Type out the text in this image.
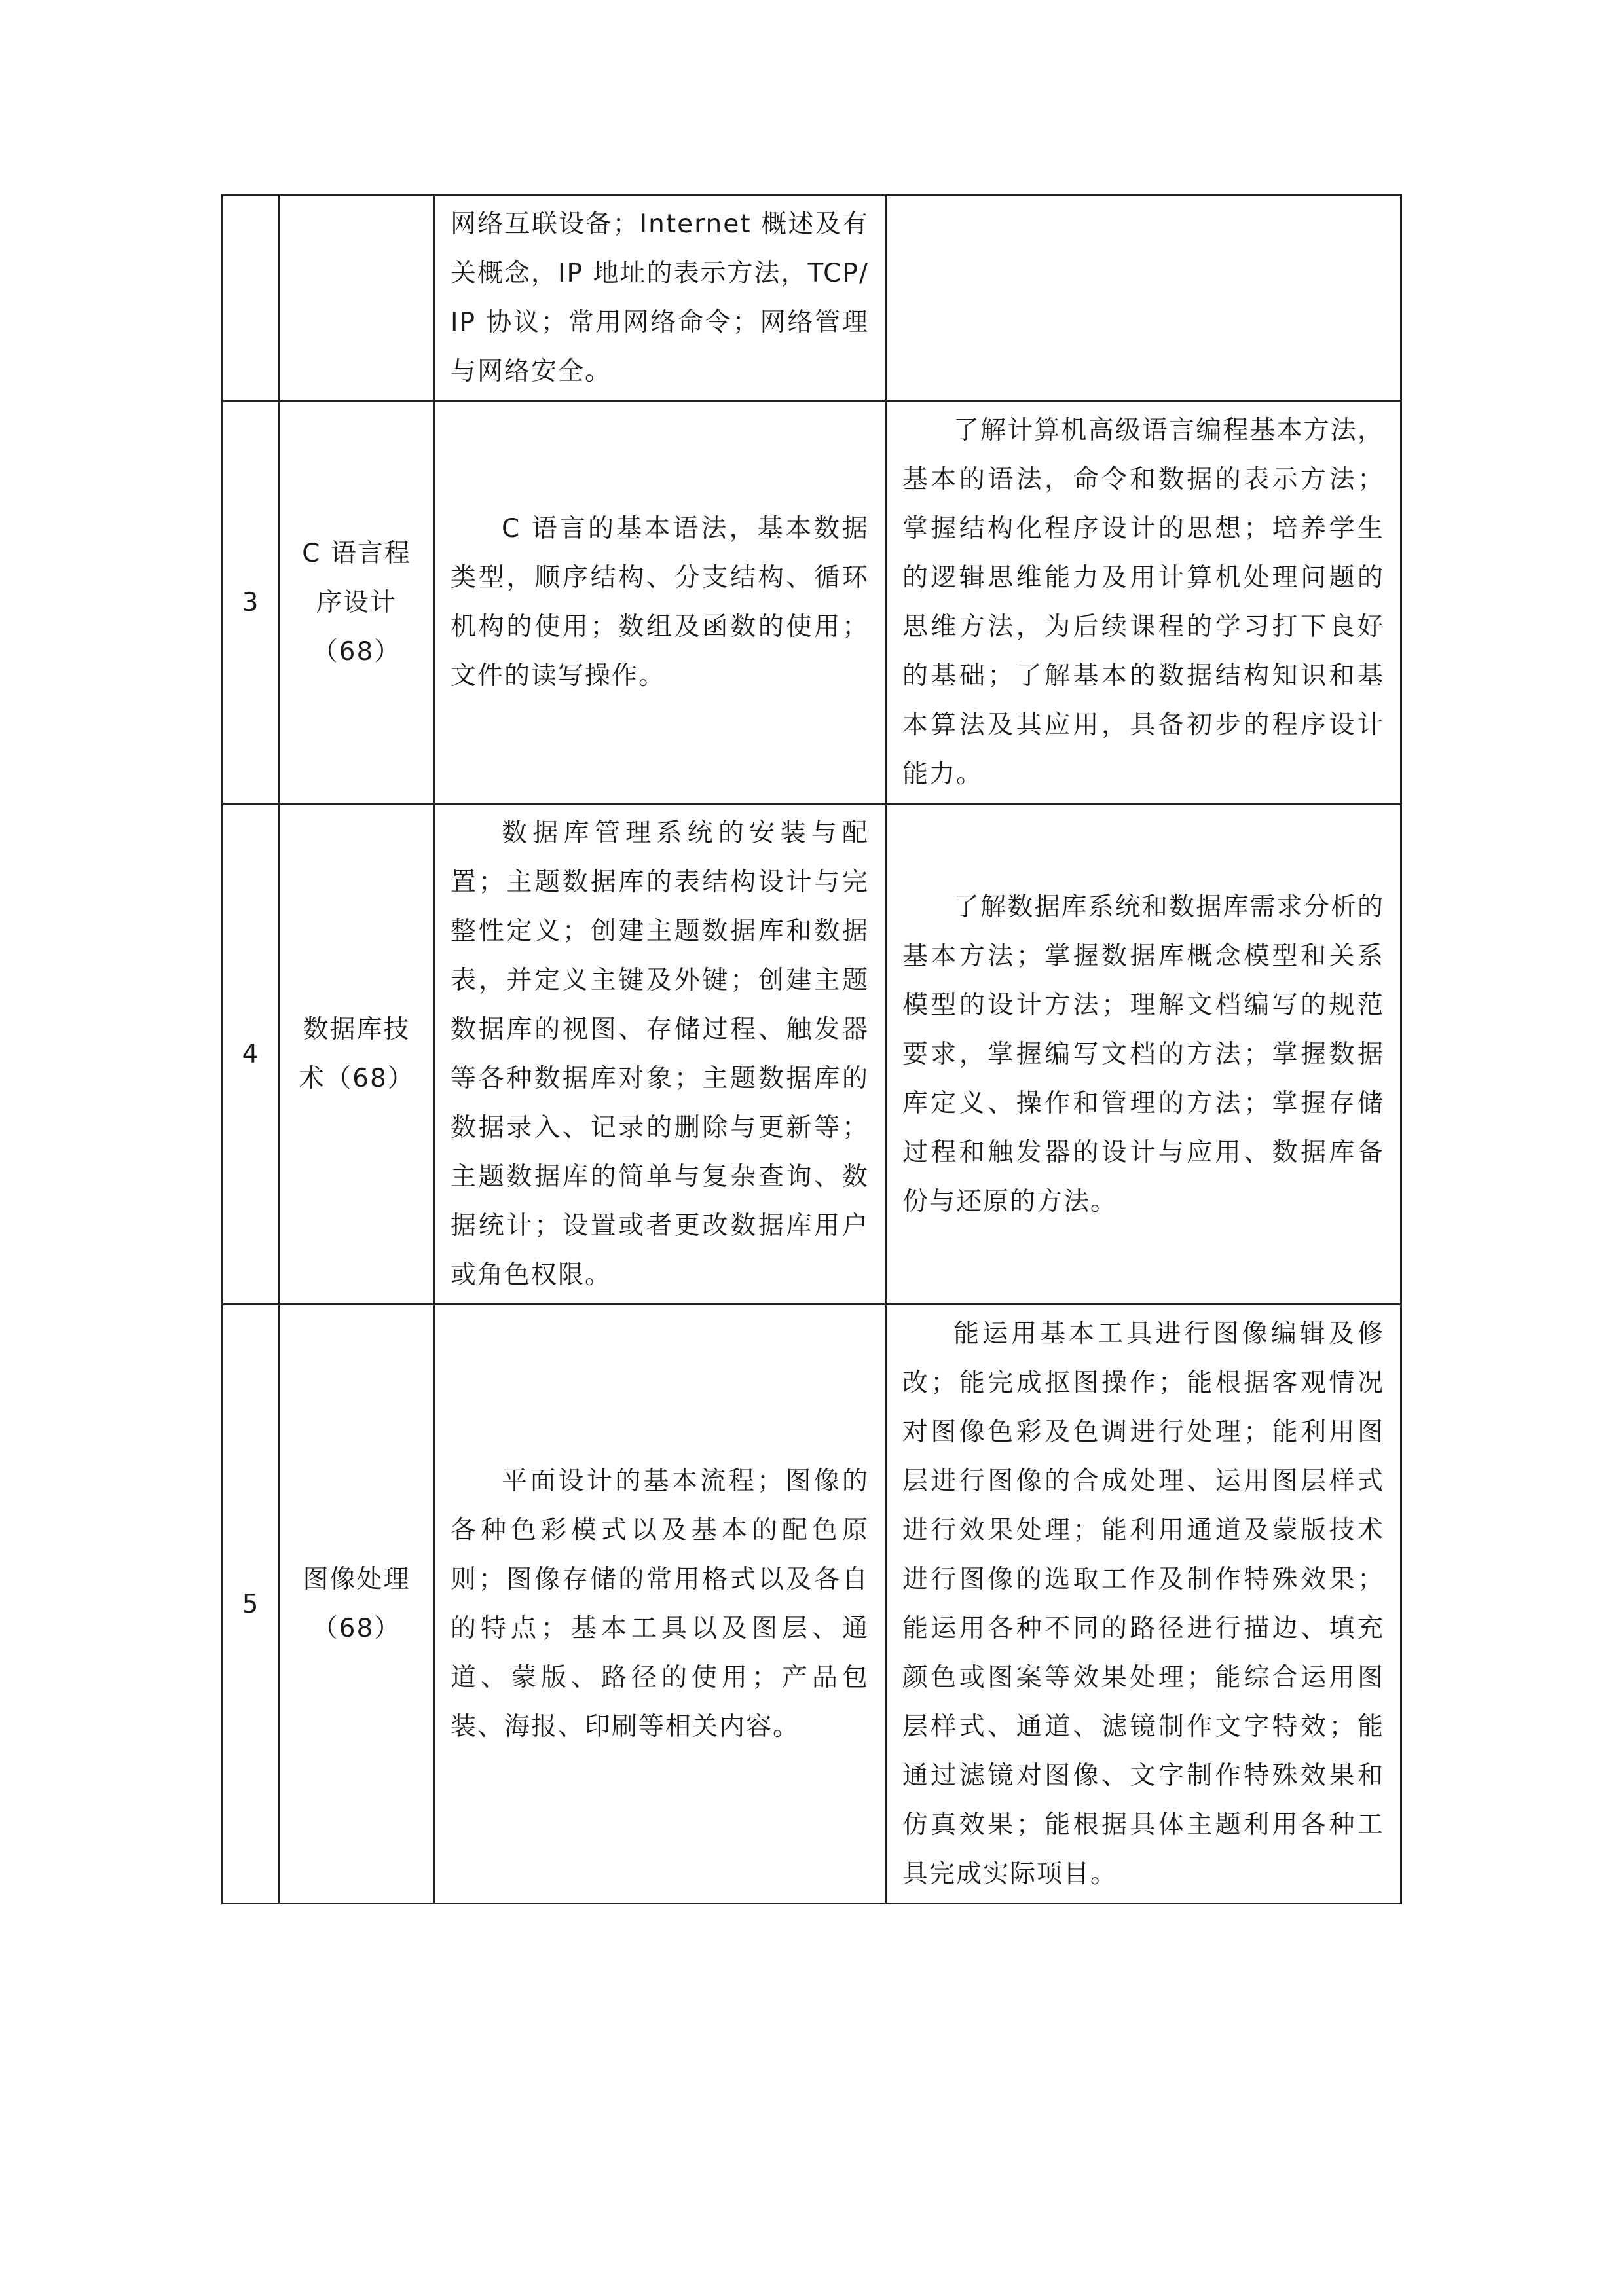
		网络互联设备；Internet 概述及有关概念，IP 地址的表示方法，TCP/IP 协议；常用网络命令；网络管理与网络安全。	

3	C 语言程序设计（68）	C 语言的基本语法，基本数据类型，顺序结构、分支结构、循环机构的使用；数组及函数的使用；文件的读写操作。	了解计算机高级语言编程基本方法，基本的语法，命令和数据的表示方法；掌握结构化程序设计的思想；培养学生的逻辑思维能力及用计算机处理问题的思维方法，为后续课程的学习打下良好的基础；了解基本的数据结构知识和基本算法及其应用，具备初步的程序设计能力。

4	数据库技术（68）	数据库管理系统的安装与配置；主题数据库的表结构设计与完整性定义；创建主题数据库和数据表，并定义主键及外键；创建主题数据库的视图、存储过程、触发器等各种数据库对象；主题数据库的数据录入、记录的删除与更新等；主题数据库的简单与复杂查询、数据统计；设置或者更改数据库用户或角色权限。	了解数据库系统和数据库需求分析的基本方法；掌握数据库概念模型和关系模型的设计方法；理解文档编写的规范要求，掌握编写文档的方法；掌握数据库定义、操作和管理的方法；掌握存储过程和触发器的设计与应用、数据库备份与还原的方法。

5	图像处理（68）	平面设计的基本流程；图像的各种色彩模式以及基本的配色原则；图像存储的常用格式以及各自的特点；基本工具以及图层、通道、蒙版、路径的使用；产品包装、海报、印刷等相关内容。	能运用基本工具进行图像编辑及修改；能完成抠图操作；能根据客观情况对图像色彩及色调进行处理；能利用图层进行图像的合成处理、运用图层样式进行效果处理；能利用通道及蒙版技术进行图像的选取工作及制作特殊效果；能运用各种不同的路径进行描边、填充颜色或图案等效果处理；能综合运用图层样式、通道、滤镜制作文字特效；能通过滤镜对图像、文字制作特殊效果和仿真效果；能根据具体主题利用各种工具完成实际项目。
